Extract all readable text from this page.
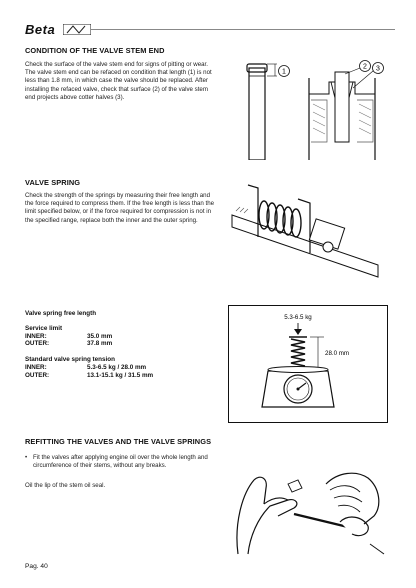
Beta
CONDITION OF THE VALVE STEM END
Check the surface of the valve stem end for signs of pitting or wear. The valve stem end can be refaced on condition that length (1) is not less than 1.8 mm, in which case the valve should be replaced. After installing the refaced valve, check that surface (2) of the valve stem end projects above cotter halves (3).
1
2 3
VALVE SPRING
Check the strength of the springs by measuring their free length and the force required to compress them. If the free length is less than the limit specified below, or if the force required for compression is not in the specified range, replace both the inner and the outer spring.
Valve spring free length
Service limit
INNER:	35.0 mm
OUTER:	37.8 mm
Standard valve spring tension
INNER:	5.3-6.5 kg / 28.0 mm
OUTER:	13.1-15.1 kg / 31.5 mm
5.3-6.5 kg
28.0 mm
REFITTING THE VALVES AND THE VALVE SPRINGS
• Fit the valves after applying engine oil over the whole length and circumference of their stems, without any breaks.
Oil the lip of the stem oil seal.
Pag. 40
